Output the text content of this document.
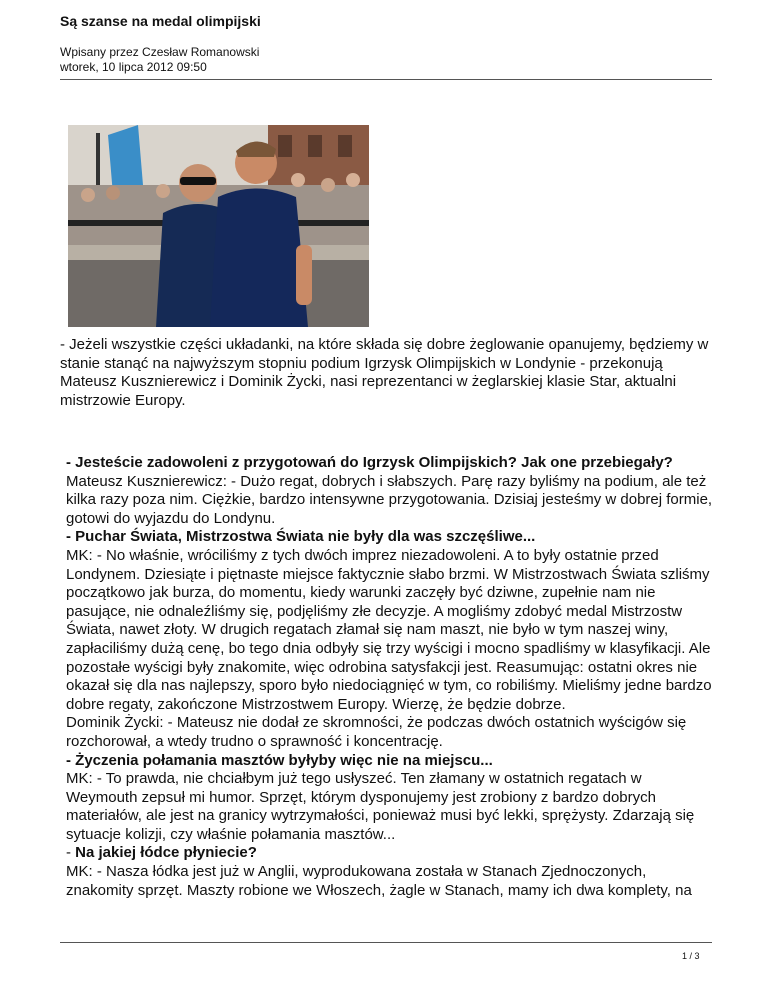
Są szanse na medal olimpijski
Wpisany przez Czesław Romanowski
wtorek, 10 lipca 2012 09:50
- Jeżeli wszystkie części układanki, na które składa się dobre żeglowanie opanujemy, będziemy w stanie stanąć na najwyższym stopniu podium Igrzysk Olimpijskich w Londynie - przekonują Mateusz Kusznierewicz i Dominik Życki, nasi reprezentanci w żeglarskiej klasie Star, aktualni mistrzowie Europy.

- Jesteście zadowoleni z przygotowań do Igrzysk Olimpijskich? Jak one przebiegały?

Mateusz Kusznierewicz: - Dużo regat, dobrych i słabszych. Parę razy byliśmy na podium, ale też kilka razy poza nim. Ciężkie, bardzo intensywne przygotowania. Dzisiaj jesteśmy w dobrej formie, gotowi do wyjazdu do Londynu.

- Puchar Świata, Mistrzostwa Świata nie były dla was szczęśliwe...

MK: - No właśnie, wróciliśmy z tych dwóch imprez niezadowoleni. A to były ostatnie przed Londynem. Dziesiąte i piętnaste miejsce faktycznie słabo brzmi. W Mistrzostwach Świata szliśmy początkowo jak burza, do momentu, kiedy warunki zaczęły być dziwne, zupełnie nam nie pasujące, nie odnaleźliśmy się, podjęliśmy złe decyzje. A mogliśmy zdobyć medal Mistrzostw Świata, nawet złoty. W drugich regatach złamał się nam maszt, nie było w tym naszej winy, zapłaciliśmy dużą cenę, bo tego dnia odbyły się trzy wyścigi i mocno spadliśmy w klasyfikacji. Ale pozostałe wyścigi były znakomite, więc odrobina satysfakcji jest. Reasumując: ostatni okres nie okazał się dla nas najlepszy, sporo było niedociągnięć w tym, co robiliśmy. Mieliśmy jedne bardzo dobre regaty, zakończone Mistrzostwem Europy. Wierzę, że będzie dobrze.

Dominik Życki: - Mateusz nie dodał ze skromności, że podczas dwóch ostatnich wyścigów się rozchorował, a wtedy trudno o sprawność i koncentrację.

- Życzenia połamania masztów byłyby więc nie na miejscu...

MK: - To prawda, nie chciałbym już tego usłyszeć. Ten złamany w ostatnich regatach w Weymouth zepsuł mi humor. Sprzęt, którym dysponujemy jest zrobiony z bardzo dobrych materiałów, ale jest na granicy wytrzymałości, ponieważ musi być lekki, sprężysty. Zdarzają się sytuacje kolizji, czy właśnie połamania masztów...

- Na jakiej łódce płyniecie?

MK: - Nasza łódka jest już w Anglii, wyprodukowana została w Stanach Zjednoczonych, znakomity sprzęt. Maszty robione we Włoszech, żagle w Stanach, mamy ich dwa komplety, na

1 / 3
